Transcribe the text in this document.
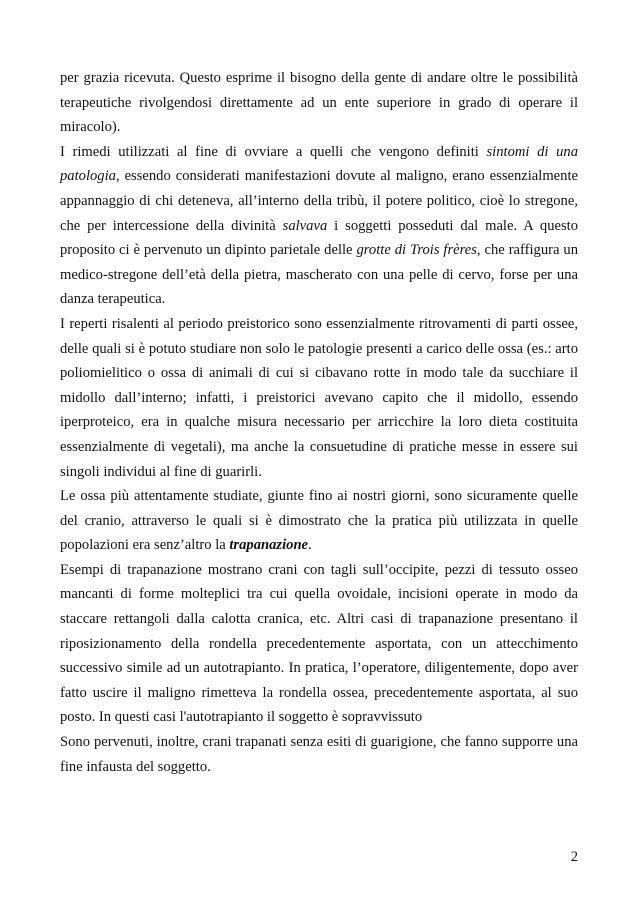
per grazia ricevuta. Questo esprime il bisogno della gente di andare oltre le possibilità terapeutiche rivolgendosi direttamente ad un ente superiore in grado di operare il miracolo).

I rimedi utilizzati al fine di ovviare a quelli che vengono definiti sintomi di una patologia, essendo considerati manifestazioni dovute al maligno, erano essenzialmente appannaggio di chi deteneva, all’interno della tribù, il potere politico, cioè lo stregone, che per intercessione della divinità salvava i soggetti posseduti dal male. A questo proposito ci è pervenuto un dipinto parietale delle grotte di Trois frères, che raffigura un medico-stregone dell’età della pietra, mascherato con una pelle di cervo, forse per una danza terapeutica.

I reperti risalenti al periodo preistorico sono essenzialmente ritrovamenti di parti ossee, delle quali si è potuto studiare non solo le patologie presenti a carico delle ossa (es.: arto poliomielitico o ossa di animali di cui si cibavano rotte in modo tale da succhiare il midollo dall’interno; infatti, i preistorici avevano capito che il midollo, essendo iperproteico, era in qualche misura necessario per arricchire la loro dieta costituita essenzialmente di vegetali), ma anche la consuetudine di pratiche messe in essere sui singoli individui al fine di guarirli.

Le ossa più attentamente studiate, giunte fino ai nostri giorni, sono sicuramente quelle del cranio, attraverso le quali si è dimostrato che la pratica più utilizzata in quelle popolazioni era senz’altro la trapanazione.

Esempi di trapanazione mostrano crani con tagli sull’occipite, pezzi di tessuto osseo mancanti di forme molteplici tra cui quella ovoidale, incisioni operate in modo da staccare rettangoli dalla calotta cranica, etc. Altri casi di trapanazione presentano il riposizionamento della rondella precedentemente asportata, con un attecchimento successivo simile ad un autotrapianto. In pratica, l’operatore, diligentemente, dopo aver fatto uscire il maligno rimetteva la rondella ossea, precedentemente asportata, al suo posto. In questi casi l'autotrapianto il soggetto è sopravvissuto

Sono pervenuti, inoltre, crani trapanati senza esiti di guarigione, che fanno supporre una fine infausta del soggetto.

2
